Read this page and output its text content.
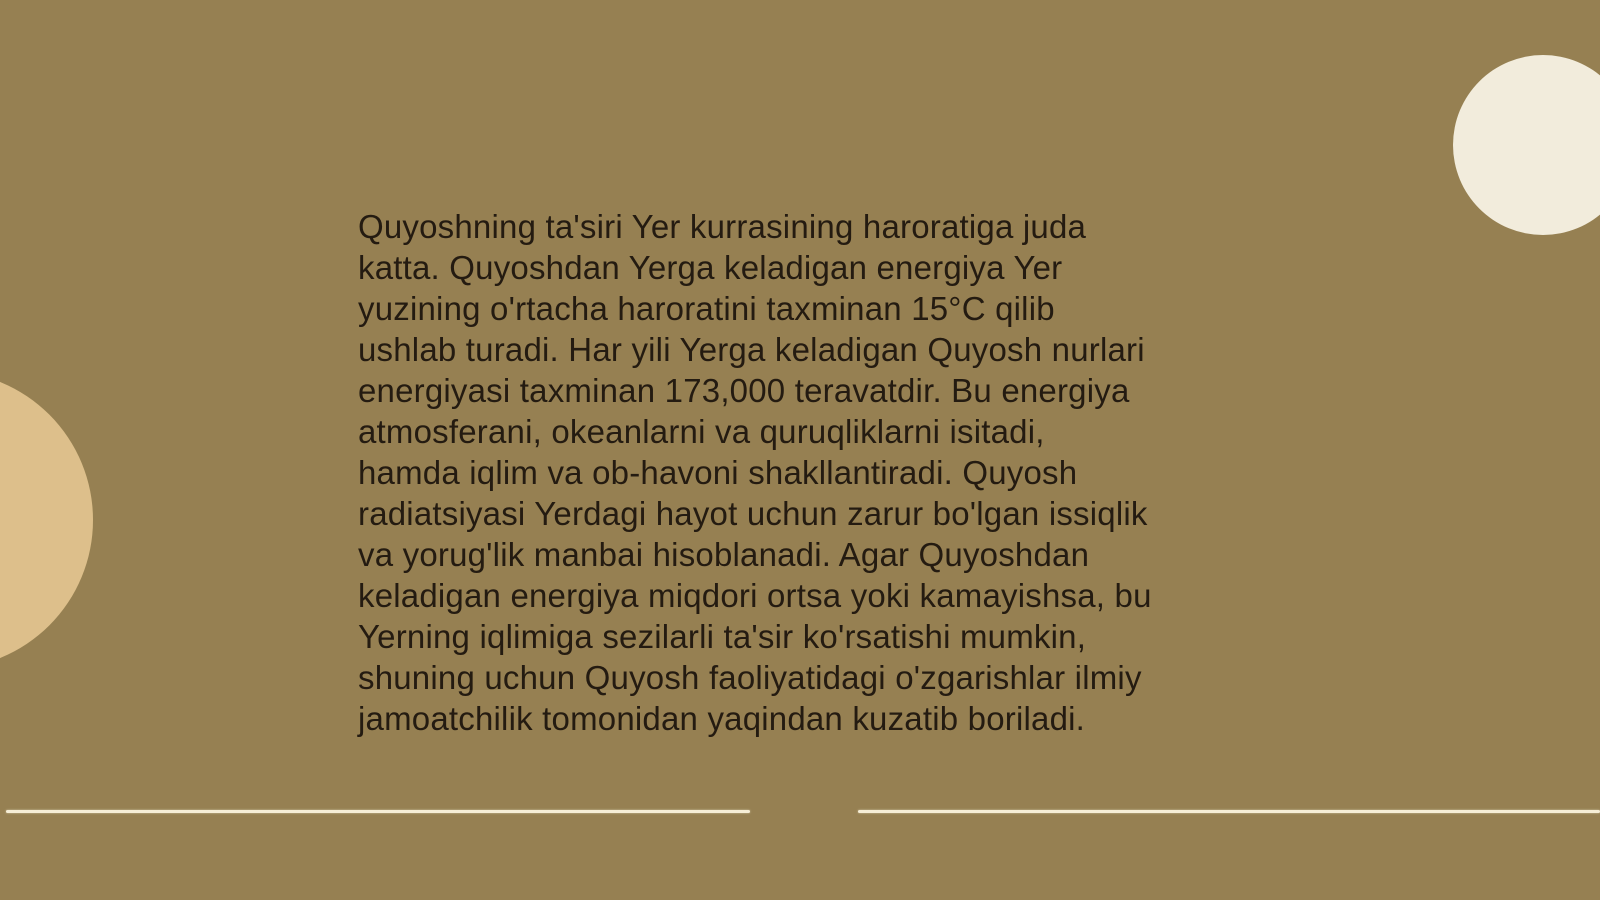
Quyoshning ta'siri Yer kurrasining haroratiga juda
katta. Quyoshdan Yerga keladigan energiya Yer
yuzining o'rtacha haroratini taxminan 15°C qilib
ushlab turadi. Har yili Yerga keladigan Quyosh nurlari
energiyasi taxminan 173,000 teravatdir. Bu energiya
atmosferani, okeanlarni va quruqliklarni isitadi,
hamda iqlim va ob-havoni shakllantiradi. Quyosh
radiatsiyasi Yerdagi hayot uchun zarur bo'lgan issiqlik
va yorug'lik manbai hisoblanadi. Agar Quyoshdan
keladigan energiya miqdori ortsa yoki kamayishsa, bu
Yerning iqlimiga sezilarli ta'sir ko'rsatishi mumkin,
shuning uchun Quyosh faoliyatidagi o'zgarishlar ilmiy
jamoatchilik tomonidan yaqindan kuzatib boriladi.
